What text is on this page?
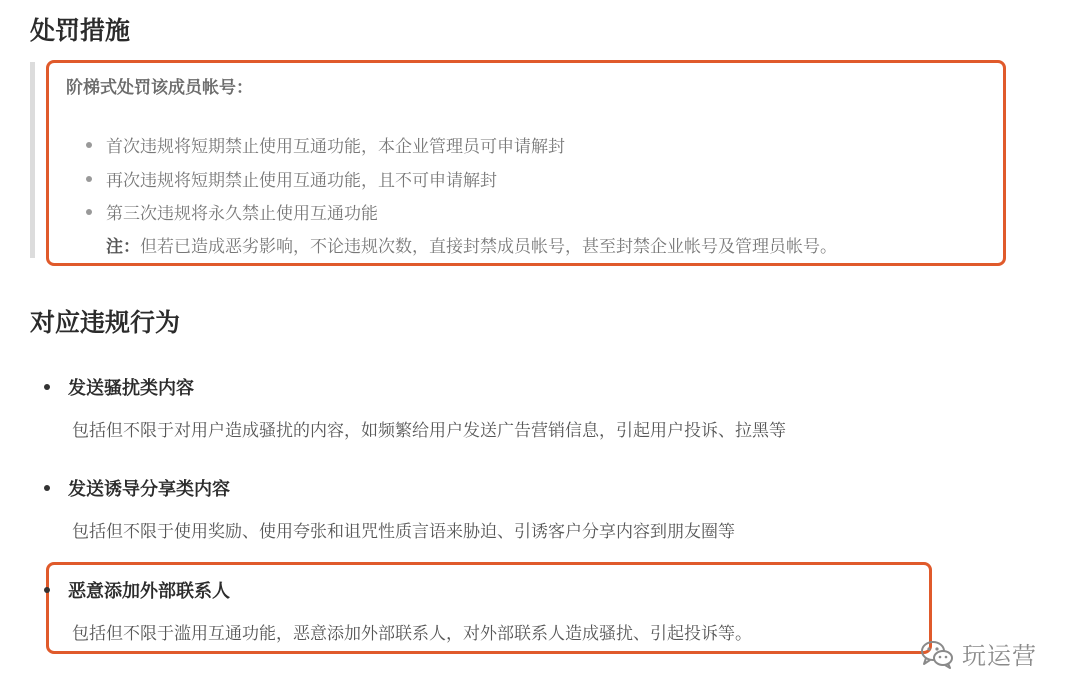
处罚措施
阶梯式处罚该成员帐号：
首次违规将短期禁止使用互通功能，本企业管理员可申请解封
再次违规将短期禁止使用互通功能，且不可申请解封
第三次违规将永久禁止使用互通功能
注：但若已造成恶劣影响，不论违规次数，直接封禁成员帐号，甚至封禁企业帐号及管理员帐号。
对应违规行为
发送骚扰类内容
包括但不限于对用户造成骚扰的内容，如频繁给用户发送广告营销信息，引起用户投诉、拉黑等
发送诱导分享类内容
包括但不限于使用奖励、使用夸张和诅咒性质言语来胁迫、引诱客户分享内容到朋友圈等
恶意添加外部联系人
包括但不限于滥用互通功能，恶意添加外部联系人，对外部联系人造成骚扰、引起投诉等。
玩运营
